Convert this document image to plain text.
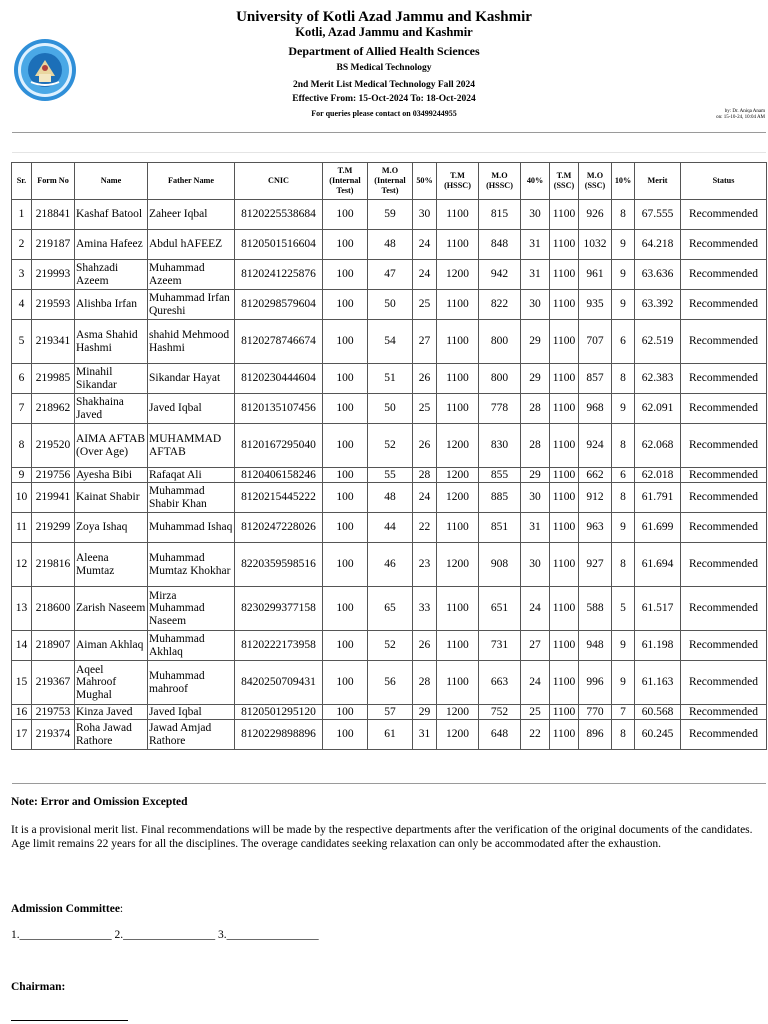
University of Kotli Azad Jammu and Kashmir
Kotli, Azad Jammu and Kashmir
Department of Allied Health Sciences
BS Medical Technology
2nd Merit List Medical Technology Fall 2024
Effective From: 15-Oct-2024 To: 18-Oct-2024
For queries please contact on 03499244955	by: Dr. Aniqa Anam
on: 15-10-24, 10:04 AM
Sr.	Form No	Name	Father Name	CNIC	T.M (Internal Test)	M.O (Internal Test)	50%	T.M (HSSC)	M.O (HSSC)	40%	T.M (SSC)	M.O (SSC)	10%	Merit	Status
1	218841	Kashaf Batool	Zaheer Iqbal	8120225538684	100	59	30	1100	815	30	1100	926	8	67.555	Recommended
2	219187	Amina Hafeez	Abdul hAFEEZ	8120501516604	100	48	24	1100	848	31	1100	1032	9	64.218	Recommended
3	219993	Shahzadi Azeem	Muhammad Azeem	8120241225876	100	47	24	1200	942	31	1100	961	9	63.636	Recommended
4	219593	Alishba Irfan	Muhammad Irfan Qureshi	8120298579604	100	50	25	1100	822	30	1100	935	9	63.392	Recommended
5	219341	Asma Shahid Hashmi	shahid Mehmood Hashmi	8120278746674	100	54	27	1100	800	29	1100	707	6	62.519	Recommended
6	219985	Minahil Sikandar	Sikandar Hayat	8120230444604	100	51	26	1100	800	29	1100	857	8	62.383	Recommended
7	218962	Shakhaina Javed	Javed Iqbal	8120135107456	100	50	25	1100	778	28	1100	968	9	62.091	Recommended
8	219520	AIMA AFTAB (Over Age)	MUHAMMAD AFTAB	8120167295040	100	52	26	1200	830	28	1100	924	8	62.068	Recommended
9	219756	Ayesha Bibi	Rafaqat Ali	8120406158246	100	55	28	1200	855	29	1100	662	6	62.018	Recommended
10	219941	Kainat Shabir	Muhammad Shabir Khan	8120215445222	100	48	24	1200	885	30	1100	912	8	61.791	Recommended
11	219299	Zoya Ishaq	Muhammad Ishaq	8120247228026	100	44	22	1100	851	31	1100	963	9	61.699	Recommended
12	219816	Aleena Mumtaz	Muhammad Mumtaz Khokhar	8220359598516	100	46	23	1200	908	30	1100	927	8	61.694	Recommended
13	218600	Zarish Naseem	Mirza Muhammad Naseem	8230299377158	100	65	33	1100	651	24	1100	588	5	61.517	Recommended
14	218907	Aiman Akhlaq	Muhammad Akhlaq	8120222173958	100	52	26	1100	731	27	1100	948	9	61.198	Recommended
15	219367	Aqeel Mahroof Mughal	Muhammad mahroof	8420250709431	100	56	28	1100	663	24	1100	996	9	61.163	Recommended
16	219753	Kinza Javed	Javed Iqbal	8120501295120	100	57	29	1200	752	25	1100	770	7	60.568	Recommended
17	219374	Roha Jawad Rathore	Jawad Amjad Rathore	8120229898896	100	61	31	1200	648	22	1100	896	8	60.245	Recommended
Note: Error and Omission Excepted
It is a provisional merit list. Final recommendations will be made by the respective departments after the verification of the original documents of the candidates. Age limit remains 22 years for all the disciplines. The overage candidates seeking relaxation can only be accommodated after the exhaustion.
Admission Committee:
1.________________ 2.________________ 3.________________
Chairman:
